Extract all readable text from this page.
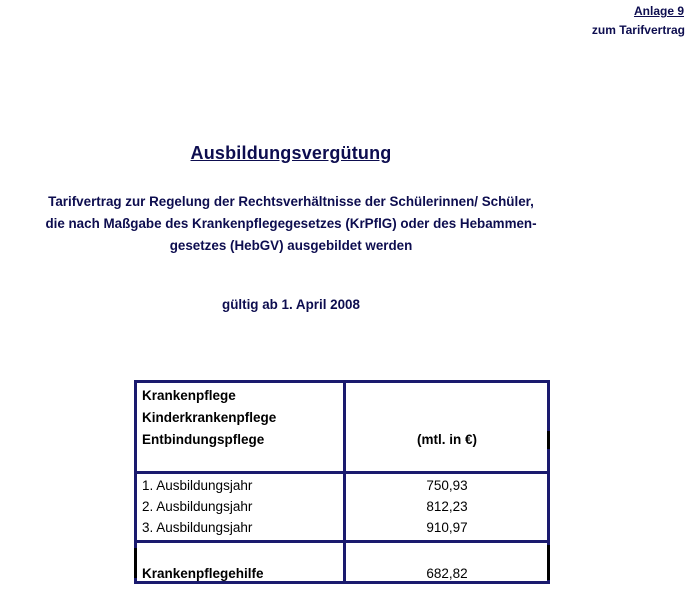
Anlage 9
zum Tarifvertrag
Ausbildungsvergütung
Tarifvertrag zur Regelung der Rechtsverhältnisse der Schülerinnen/ Schüler,
die nach Maßgabe des Krankenpflegegesetzes (KrPflG) oder des Hebammen-
gesetzes (HebGV) ausgebildet werden
gültig ab 1. April 2008
Krankenpflege
Kinderkrankenpflege
Entbindungspflege	(mtl. in €)
1. Ausbildungsjahr	750,93
2. Ausbildungsjahr	812,23
3. Ausbildungsjahr	910,97
Krankenpflegehilfe	682,82
